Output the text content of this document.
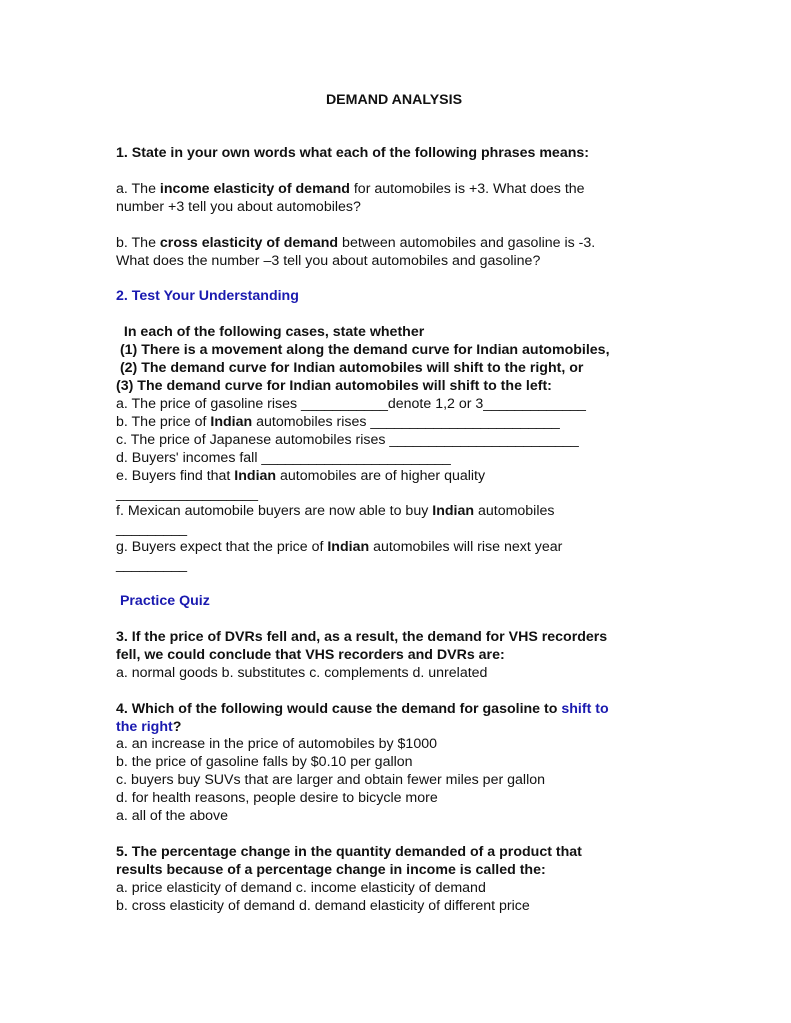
DEMAND ANALYSIS
1. State in your own words what each of the following phrases means:
a. The income elasticity of demand for automobiles is +3. What does the
number +3 tell you about automobiles?
b. The cross elasticity of demand between automobiles and gasoline is -3.
What does the number –3 tell you about automobiles and gasoline?
2. Test Your Understanding
In each of the following cases, state whether
(1) There is a movement along the demand curve for Indian automobiles,
(2) The demand curve for Indian automobiles will shift to the right, or
(3) The demand curve for Indian automobiles will shift to the left:
a. The price of gasoline rises ___________denote 1,2 or 3_____________
b. The price of Indian automobiles rises ________________________
c. The price of Japanese automobiles rises ________________________
d. Buyers' incomes fall ________________________
e. Buyers find that Indian automobiles are of higher quality
__________________
f. Mexican automobile buyers are now able to buy Indian automobiles
_________
g. Buyers expect that the price of Indian automobiles will rise next year
_________
Practice Quiz
3. If the price of DVRs fell and, as a result, the demand for VHS recorders
fell, we could conclude that VHS recorders and DVRs are:
a. normal goods b. substitutes c. complements d. unrelated
4. Which of the following would cause the demand for gasoline to shift to
the right?
a. an increase in the price of automobiles by $1000
b. the price of gasoline falls by $0.10 per gallon
c. buyers buy SUVs that are larger and obtain fewer miles per gallon
d. for health reasons, people desire to bicycle more
a. all of the above
5. The percentage change in the quantity demanded of a product that
results because of a percentage change in income is called the:
a. price elasticity of demand c. income elasticity of demand
b. cross elasticity of demand d. demand elasticity of different price
